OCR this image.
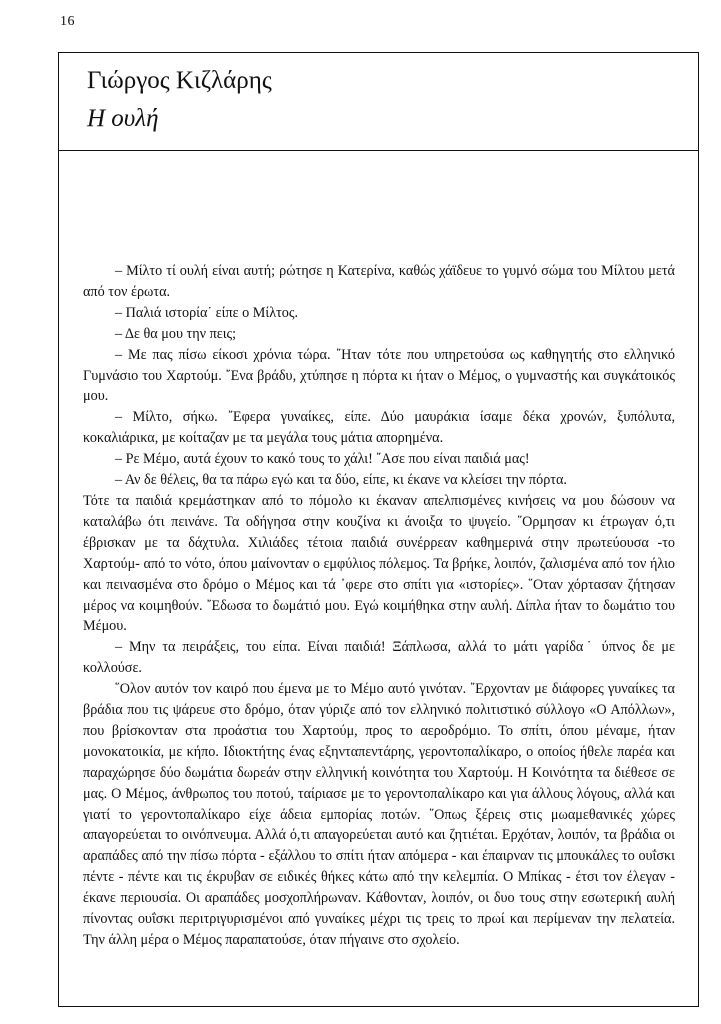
16
Γιώργος Κιζλάρης
Η ουλή

– Μίλτο τί ουλή είναι αυτή; ρώτησε η Κατερίνα, καθώς χάϊδευε το γυμνό σώμα του Μίλτου μετά από τον έρωτα.

– Παλιά ιστορία˙ είπε ο Μίλτος.

– Δε θα μου την πεις;

– Με πας πίσω είκοσι χρόνια τώρα. ῎Ηταν τότε που υπηρετούσα ως καθηγητής στο ελληνικό Γυμνάσιο του Χαρτούμ. ῎Ενα βράδυ, χτύπησε η πόρτα κι ήταν ο Μέμος, ο γυμναστής και συγκάτοικός μου.

– Μίλτο, σήκω. ῎Εφερα γυναίκες, είπε. Δύο μαυράκια ίσαμε δέκα χρονών, ξυπόλυτα, κοκαλιάρικα, με κοίταζαν με τα μεγάλα τους μάτια απορημένα.

– Ρε Μέμο, αυτά έχουν το κακό τους το χάλι! ῎Ασε που είναι παιδιά μας!

– Αν δε θέλεις, θα τα πάρω εγώ και τα δύο, είπε, κι έκανε να κλείσει την πόρτα.

Τότε τα παιδιά κρεμάστηκαν από το πόμολο κι έκαναν απελπισμένες κινήσεις να μου δώσουν να καταλάβω ότι πεινάνε. Τα οδήγησα στην κουζίνα κι άνοιξα το ψυγείο. ῞Ορμησαν κι έτρωγαν ό,τι έβρισκαν με τα δάχτυλα. Χιλιάδες τέτοια παιδιά συνέρρεαν καθημερινά στην πρωτεύουσα -το Χαρτούμ- από το νότο, όπου μαίνονταν ο εμφύλιος πόλεμος. Τα βρήκε, λοιπόν, ζαλισμένα από τον ήλιο και πεινασμένα στο δρόμο ο Μέμος και τά ῾φερε στο σπίτι για «ιστορίες». ῞Οταν χόρτασαν ζήτησαν μέρος να κοιμηθούν. ῎Εδωσα το δωμάτιό μου. Εγώ κοιμήθηκα στην αυλή. Δίπλα ήταν το δωμάτιο του Μέμου.

– Μην τα πειράξεις, του είπα. Είναι παιδιά! Ξάπλωσα, αλλά το μάτι γαρίδα˙ ύπνος δε με κολλούσε.

῞Ολον αυτόν τον καιρό που έμενα με το Μέμο αυτό γινόταν. ῎Ερχονταν με διάφορες γυναίκες τα βράδια που τις ψάρευε στο δρόμο, όταν γύριζε από τον ελληνικό πολιτιστικό σύλλογο «Ο Απόλλων», που βρίσκονταν στα προάστια του Χαρτούμ, προς το αεροδρόμιο. Το σπίτι, όπου μέναμε, ήταν μονοκατοικία, με κήπο. Ιδιοκτήτης ένας εξηνταπεντάρης, γεροντοπαλίκαρο, ο οποίος ήθελε παρέα και παραχώρησε δύο δωμάτια δωρεάν στην ελληνική κοινότητα του Χαρτούμ. Η Κοινότητα τα διέθεσε σε μας. Ο Μέμος, άνθρωπος του ποτού, ταίριασε με το γεροντοπαλίκαρο και για άλλους λόγους, αλλά και γιατί το γεροντοπαλίκαρο είχε άδεια εμπορίας ποτών. ῞Οπως ξέρεις στις μωαμεθανικές χώρες απαγορεύεται το οινόπνευμα. Αλλά ό,τι απαγορεύεται αυτό και ζητιέται. Ερχόταν, λοιπόν, τα βράδια οι αραπάδες από την πίσω πόρτα - εξάλλου το σπίτι ήταν απόμερα - και έπαιρναν τις μπουκάλες το ουΐσκι πέντε - πέντε και τις έκρυβαν σε ειδικές θήκες κάτω από την κελεμπία. Ο Μπίκας - έτσι τον έλεγαν - έκανε περιουσία. Οι αραπάδες μοσχοπλήρωναν. Κάθονταν, λοιπόν, οι δυο τους στην εσωτερική αυλή πίνοντας ουΐσκι περιτριγυρισμένοι από γυναίκες μέχρι τις τρεις το πρωί και περίμεναν την πελατεία. Την άλλη μέρα ο Μέμος παραπατούσε, όταν πήγαινε στο σχολείο.
